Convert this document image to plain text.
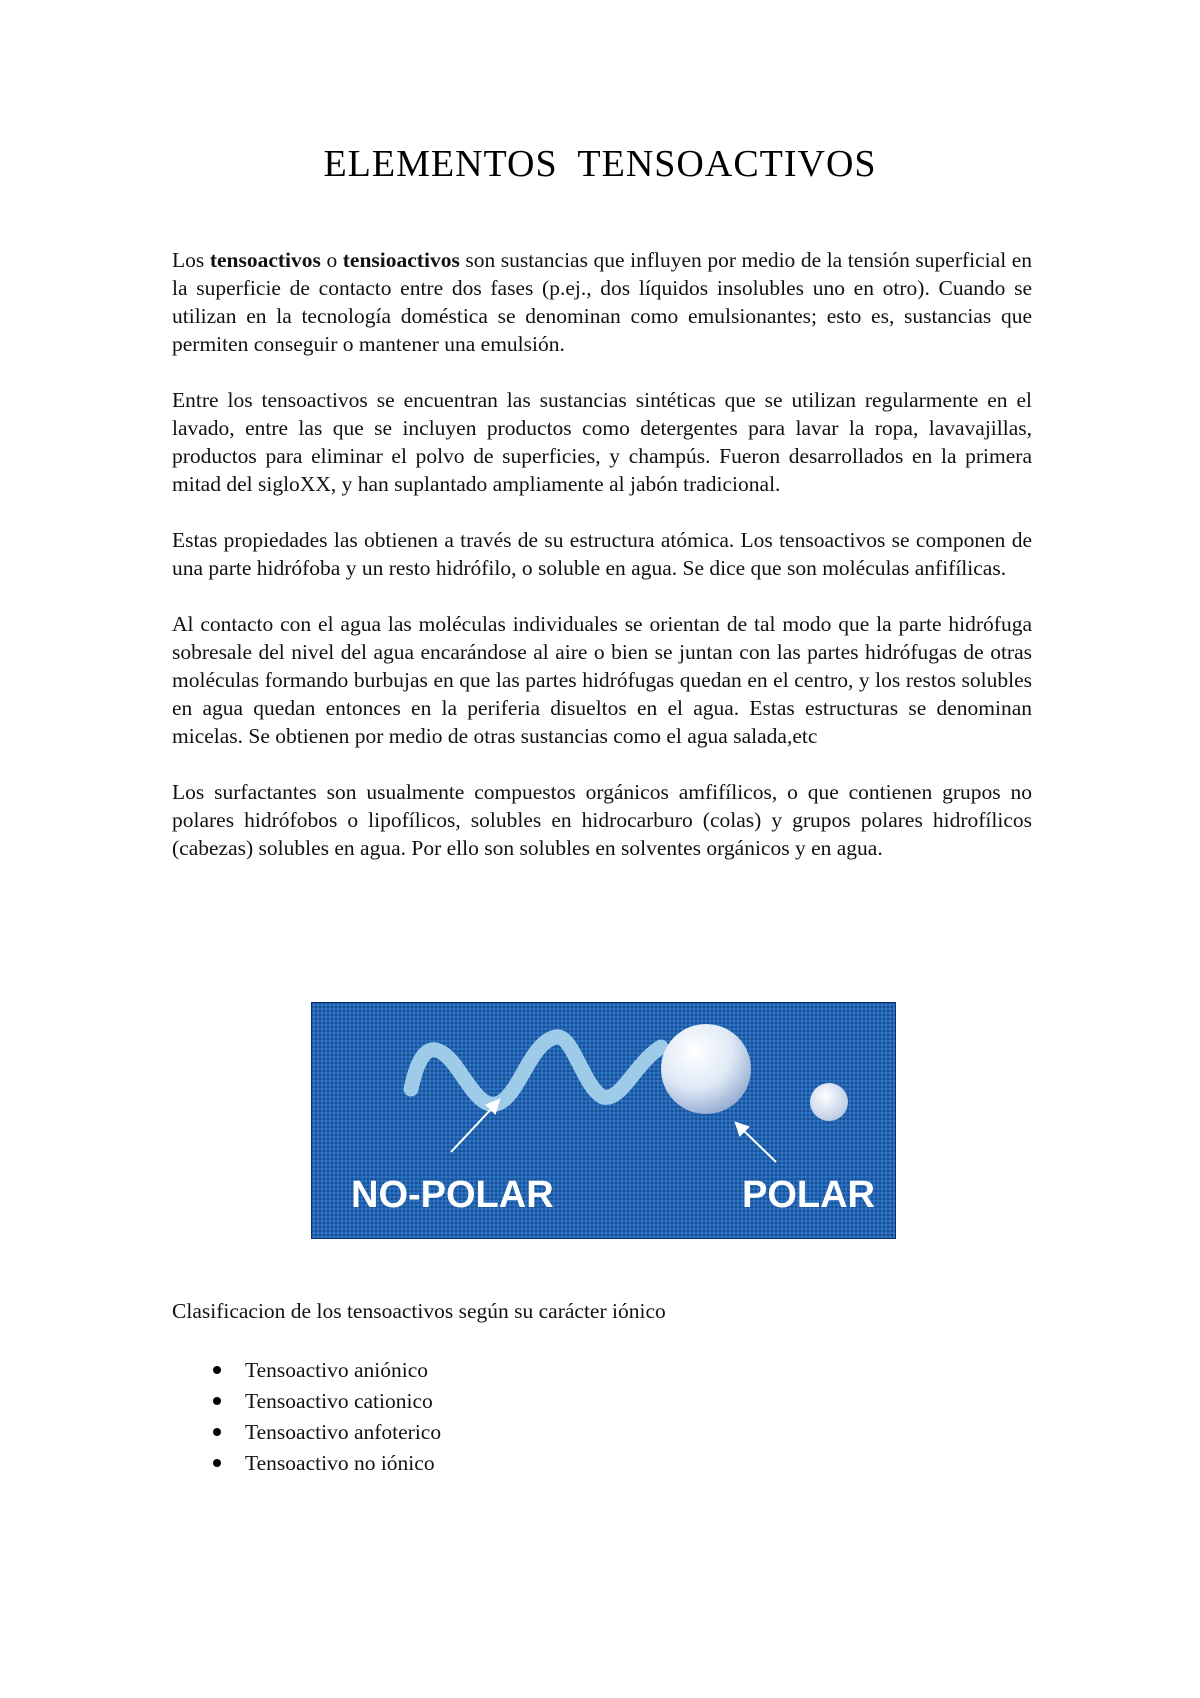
ELEMENTOS TENSOACTIVOS

Los tensoactivos o tensioactivos son sustancias que influyen por medio de la tensión superficial en la superficie de contacto entre dos fases (p.ej., dos líquidos insolubles uno en otro). Cuando se utilizan en la tecnología doméstica se denominan como emulsionantes; esto es, sustancias que permiten conseguir o mantener una emulsión.

Entre los tensoactivos se encuentran las sustancias sintéticas que se utilizan regularmente en el lavado, entre las que se incluyen productos como detergentes para lavar la ropa, lavavajillas, productos para eliminar el polvo de superficies, y champús. Fueron desarrollados en la primera mitad del sigloXX, y han suplantado ampliamente al jabón tradicional.

Estas propiedades las obtienen a través de su estructura atómica. Los tensoactivos se componen de una parte hidrófoba y un resto hidrófilo, o soluble en agua. Se dice que son moléculas anfifílicas.

Al contacto con el agua las moléculas individuales se orientan de tal modo que la parte hidrófuga sobresale del nivel del agua encarándose al aire o bien se juntan con las partes hidrófugas de otras moléculas formando burbujas en que las partes hidrófugas quedan en el centro, y los restos solubles en agua quedan entonces en la periferia disueltos en el agua. Estas estructuras se denominan micelas. Se obtienen por medio de otras sustancias como el agua salada,etc

Los surfactantes son usualmente compuestos orgánicos amfifílicos, o que contienen grupos no polares hidrófobos o lipofílicos, solubles en hidrocarburo (colas) y grupos polares hidrofílicos (cabezas) solubles en agua. Por ello son solubles en solventes orgánicos y en agua.

NO-POLAR	POLAR

Clasificacion de los tensoactivos según su carácter iónico

Tensoactivo aniónico
Tensoactivo cationico
Tensoactivo anfoterico
Tensoactivo no iónico
